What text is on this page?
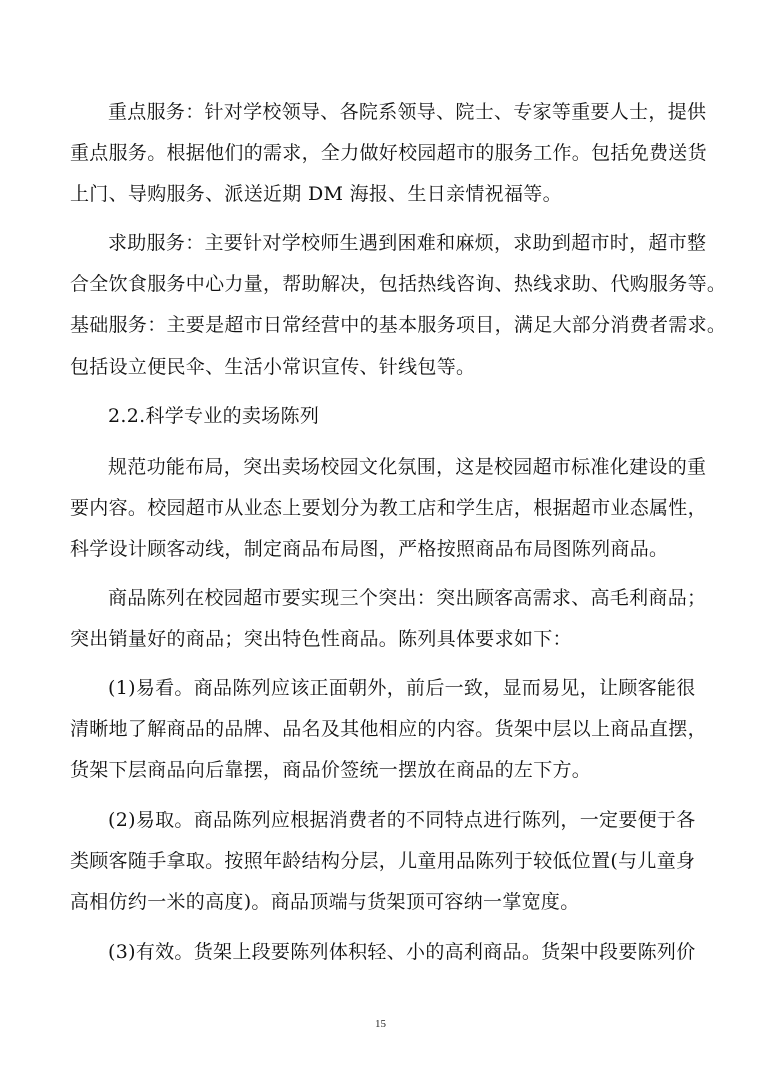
重点服务：针对学校领导、各院系领导、院士、专家等重要人士，提供
重点服务。根据他们的需求，全力做好校园超市的服务工作。包括免费送货
上门、导购服务、派送近期 DM 海报、生日亲情祝福等。
求助服务：主要针对学校师生遇到困难和麻烦，求助到超市时，超市整
合全饮食服务中心力量，帮助解决，包括热线咨询、热线求助、代购服务等。
基础服务：主要是超市日常经营中的基本服务项目，满足大部分消费者需求。
包括设立便民伞、生活小常识宣传、针线包等。
2.2.科学专业的卖场陈列
规范功能布局，突出卖场校园文化氛围，这是校园超市标准化建设的重
要内容。校园超市从业态上要划分为教工店和学生店，根据超市业态属性，
科学设计顾客动线，制定商品布局图，严格按照商品布局图陈列商品。
商品陈列在校园超市要实现三个突出：突出顾客高需求、高毛利商品；
突出销量好的商品；突出特色性商品。陈列具体要求如下：
(1)易看。商品陈列应该正面朝外，前后一致，显而易见，让顾客能很
清晰地了解商品的品牌、品名及其他相应的内容。货架中层以上商品直摆，
货架下层商品向后靠摆，商品价签统一摆放在商品的左下方。
(2)易取。商品陈列应根据消费者的不同特点进行陈列，一定要便于各
类顾客随手拿取。按照年龄结构分层，儿童用品陈列于较低位置(与儿童身
高相仿约一米的高度)。商品顶端与货架顶可容纳一掌宽度。
(3)有效。货架上段要陈列体积轻、小的高利商品。货架中段要陈列价
15
